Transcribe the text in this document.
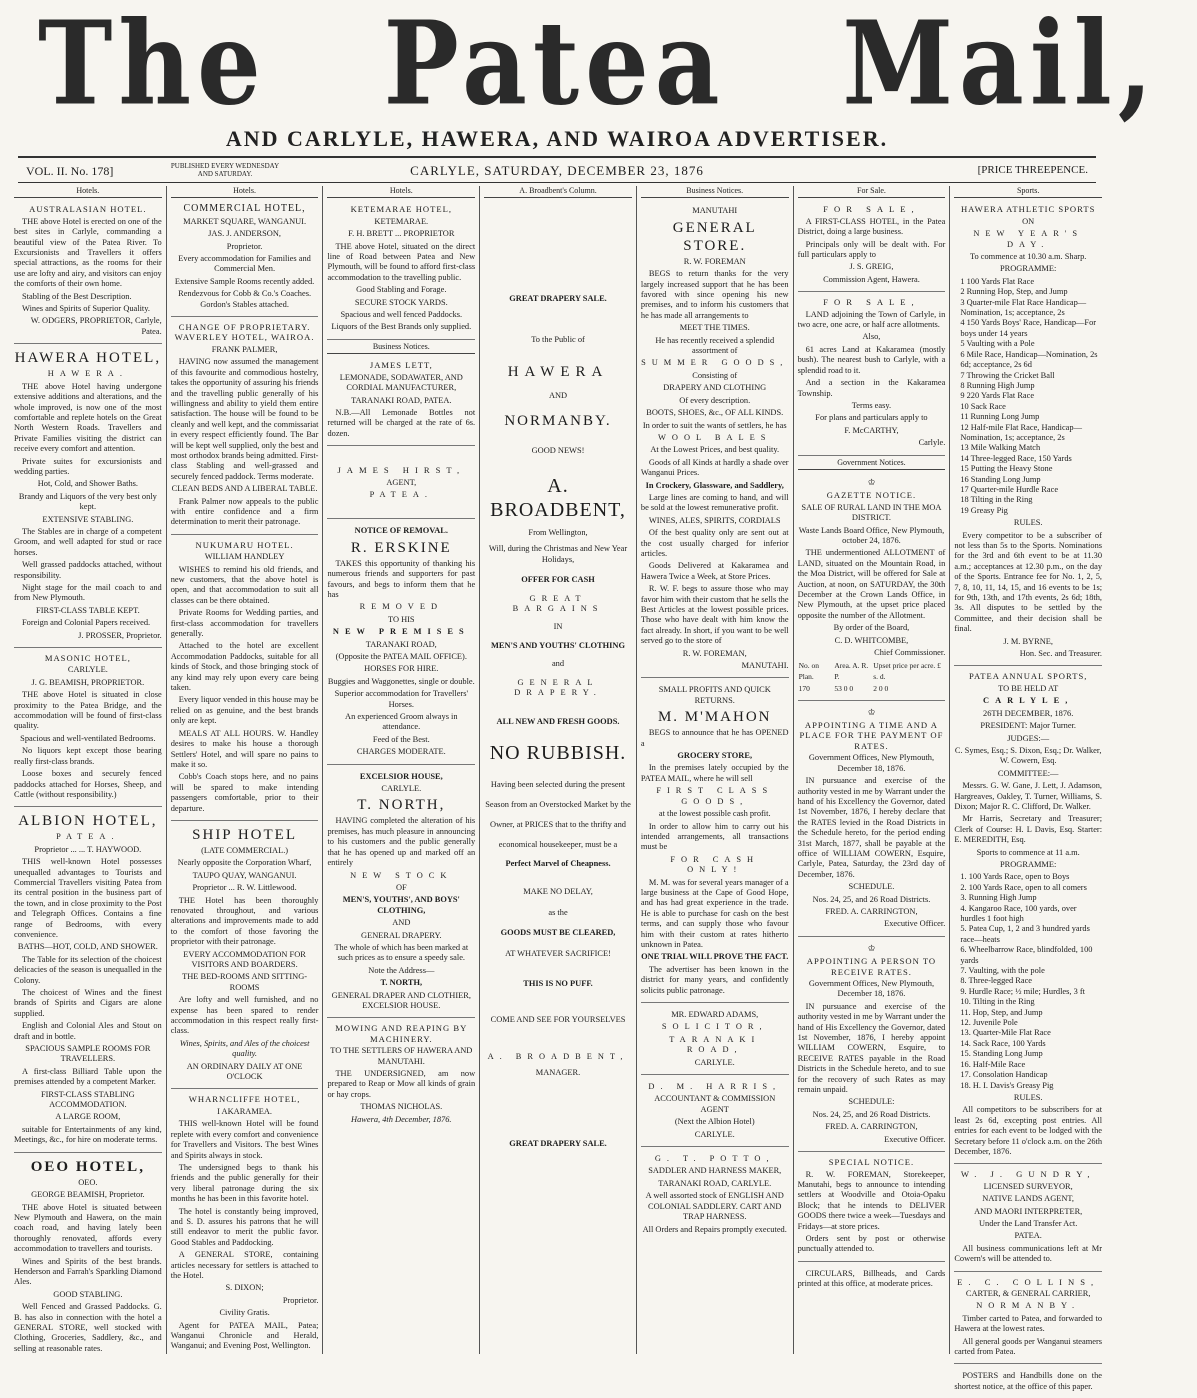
The Patea Mail,
AND CARLYLE, HAWERA, AND WAIROA ADVERTISER.
VOL. II. No. 178]	PUBLISHED EVERY WEDNESDAY AND SATURDAY.	CARLYLE, SATURDAY, DECEMBER 23, 1876	[PRICE THREEPENCE.
Hotels.
AUSTRALASIAN HOTEL.
THE above Hotel is erected on one of the best sites in Carlyle, commanding a beautiful view of the Patea River. To Excursionists and Travellers it offers special attractions, as the rooms for their use are lofty and airy, and visitors can enjoy the comforts of their own home.
Stabling of the Best Description.
Wines and Spirits of Superior Quality.
W. ODGERS, PROPRIETOR, Carlyle, Patea.
HAWERA HOTEL,
HAWERA.
THE above Hotel having undergone extensive additions and alterations, and the whole improved, is now one of the most comfortable and replete hotels on the Great North Western Roads. Travellers and Private Families visiting the district can receive every comfort and attention.
Private suites for excursionists and wedding parties.
Hot, Cold, and Shower Baths.
Brandy and Liquors of the very best only kept.
EXTENSIVE STABLING.
The Stables are in charge of a competent Groom, and well adapted for stud or race horses.
Well grassed paddocks attached, without responsibility.
Night stage for the mail coach to and from New Plymouth.
FIRST-CLASS TABLE KEPT.
Foreign and Colonial Papers received.
J. PROSSER, Proprietor.
MASONIC HOTEL,
CARLYLE.
J. G. BEAMISH, PROPRIETOR.
THE above Hotel is situated in close proximity to the Patea Bridge, and the accommodation will be found of first-class quality.
Spacious and well-ventilated Bedrooms.
No liquors kept except those bearing really first-class brands.
Loose boxes and securely fenced paddocks attached for Horses, Sheep, and Cattle (without responsibility.)
ALBION HOTEL,
PATEA.
Proprietor ... ... T. HAYWOOD.
THIS well-known Hotel possesses unequalled advantages to Tourists and Commercial Travellers visiting Patea from its central position in the business part of the town, and in close proximity to the Post and Telegraph Offices. Contains a fine range of Bedrooms, with every convenience.
BATHS—HOT, COLD, AND SHOWER.
The Table for its selection of the choicest delicacies of the season is unequalled in the Colony.
The choicest of Wines and the finest brands of Spirits and Cigars are alone supplied.
English and Colonial Ales and Stout on draft and in bottle.
SPACIOUS SAMPLE ROOMS FOR TRAVELLERS.
A first-class Billiard Table upon the premises attended by a competent Marker.
FIRST-CLASS STABLING ACCOMMODATION.
A LARGE ROOM,
suitable for Entertainments of any kind, Meetings, &c., for hire on moderate terms.
OEO HOTEL,
OEO.
GEORGE BEAMISH, Proprietor.
THE above Hotel is situated between New Plymouth and Hawera, on the main coach road, and having lately been thoroughly renovated, affords every accommodation to travellers and tourists.
Wines and Spirits of the best brands. Henderson and Farrah's Sparkling Diamond Ales.
GOOD STABLING.
Well Fenced and Grassed Paddocks. G. B. has also in connection with the hotel a GENERAL STORE, well stocked with Clothing, Groceries, Saddlery, &c., and selling at reasonable rates.
Hotels.
COMMERCIAL HOTEL,
MARKET SQUARE, WANGANUI.
JAS. J. ANDERSON,
Proprietor.
Every accommodation for Families and Commercial Men.
Extensive Sample Rooms recently added.
Rendezvous for Cobb & Co.'s Coaches. Gordon's Stables attached.
CHANGE OF PROPRIETARY.
WAVERLEY HOTEL, WAIROA.
FRANK PALMER,
HAVING now assumed the management of this favourite and commodious hostelry, takes the opportunity of assuring his friends and the travelling public generally of his willingness and ability to yield them entire satisfaction. The house will be found to be cleanly and well kept, and the commissariat in every respect efficiently found. The Bar will be kept well supplied, only the best and most orthodox brands being admitted. First-class Stabling and well-grassed and securely fenced paddock. Terms moderate.
CLEAN BEDS AND A LIBERAL TABLE.
Frank Palmer now appeals to the public with entire confidence and a firm determination to merit their patronage.
NUKUMARU HOTEL.
WILLIAM HANDLEY
WISHES to remind his old friends, and new customers, that the above hotel is open, and that accommodation to suit all classes can be there obtained.
Private Rooms for Wedding parties, and first-class accommodation for travellers generally.
Attached to the hotel are excellent Accommodation Paddocks, suitable for all kinds of Stock, and those bringing stock of any kind may rely upon every care being taken.
Every liquor vended in this house may be relied on as genuine, and the best brands only are kept.
MEALS AT ALL HOURS. W. Handley desires to make his house a thorough Settlers' Hotel, and will spare no pains to make it so.
Cobb's Coach stops here, and no pains will be spared to make intending passengers comfortable, prior to their departure.
SHIP HOTEL
(LATE COMMERCIAL.)
Nearly opposite the Corporation Wharf,
TAUPO QUAY, WANGANUI.
Proprietor ... R. W. Littlewood.
THE Hotel has been thoroughly renovated throughout, and various alterations and improvements made to add to the comfort of those favoring the proprietor with their patronage.
EVERY ACCOMMODATION FOR VISITORS AND BOARDERS.
THE BED-ROOMS AND SITTING-ROOMS
Are lofty and well furnished, and no expense has been spared to render accommodation in this respect really first-class.
Wines, Spirits, and Ales of the choicest quality.
AN ORDINARY DAILY AT ONE O'CLOCK
WHARNCLIFFE HOTEL,
I AKARAMEA.
THIS well-known Hotel will be found replete with every comfort and convenience for Travellers and Visitors. The best Wines and Spirits always in stock.
The undersigned begs to thank his friends and the public generally for their very liberal patronage during the six months he has been in this favorite hotel.
The hotel is constantly being improved, and S. D. assures his patrons that he will still endeavor to merit the public favor. Good Stables and Paddocking.
A GENERAL STORE, containing articles necessary for settlers is attached to the Hotel.
S. DIXON;
Proprietor.
Civility Gratis.
Agent for PATEA MAIL, Patea; Wanganui Chronicle and Herald, Wanganui; and Evening Post, Wellington.
Hotels.
KETEMARAE HOTEL,
KETEMARAE.
F. H. BRETT ... PROPRIETOR
THE above Hotel, situated on the direct line of Road between Patea and New Plymouth, will be found to afford first-class accommodation to the travelling public.
Good Stabling and Forage.
SECURE STOCK YARDS.
Spacious and well fenced Paddocks.
Liquors of the Best Brands only supplied.
Business Notices.
JAMES LETT,
LEMONADE, SODAWATER, AND CORDIAL MANUFACTURER,
TARANAKI ROAD, PATEA.
N.B.—All Lemonade Bottles not returned will be charged at the rate of 6s. dozen.
JAMES HIRST,
AGENT,
PATEA.
NOTICE OF REMOVAL.
R. ERSKINE
TAKES this opportunity of thanking his numerous friends and supporters for past favours, and begs to inform them that he has
REMOVED
TO HIS
NEW PREMISES
TARANAKI ROAD,
(Opposite the PATEA MAIL OFFICE).
HORSES FOR HIRE.
Buggies and Waggonettes, single or double.
Superior accommodation for Travellers' Horses.
An experienced Groom always in attendance.
Feed of the Best.
CHARGES MODERATE.
EXCELSIOR HOUSE,
CARLYLE.
T. NORTH,
HAVING completed the alteration of his premises, has much pleasure in announcing to his customers and the public generally that he has opened up and marked off an entirely
NEW STOCK
OF
MEN'S, YOUTHS', AND BOYS' CLOTHING,
AND
GENERAL DRAPERY.
The whole of which has been marked at such prices as to ensure a speedy sale.
Note the Address—
T. NORTH,
GENERAL DRAPER AND CLOTHIER, EXCELSIOR HOUSE.
MOWING AND REAPING BY MACHINERY.
TO THE SETTLERS OF HAWERA AND MANUTAHI.
THE UNDERSIGNED, am now prepared to Reap or Mow all kinds of grain or hay crops.
THOMAS NICHOLAS.
Hawera, 4th December, 1876.
A. Broadbent's Column.
GREAT DRAPERY SALE.
To the Public of
HAWERA
AND
NORMANBY.
GOOD NEWS!
A. BROADBENT,
From Wellington,
Will, during the Christmas and New Year Holidays,
OFFER FOR CASH
GREAT BARGAINS
IN
MEN'S AND YOUTHS' CLOTHING
and
GENERAL DRAPERY.
ALL NEW AND FRESH GOODS.
NO RUBBISH.
Having been selected during the present Season from an Overstocked Market by the Owner, at PRICES that to the thrifty and economical housekeeper, must be a
Perfect Marvel of Cheapness.
MAKE NO DELAY,
as the
GOODS MUST BE CLEARED,
AT WHATEVER SACRIFICE!
THIS IS NO PUFF.
COME AND SEE FOR YOURSELVES
A. BROADBENT,
MANAGER.
GREAT DRAPERY SALE.
Business Notices.
MANUTAHI
GENERAL STORE.
R. W. FOREMAN
BEGS to return thanks for the very largely increased support that he has been favored with since opening his new premises, and to inform his customers that he has made all arrangements to
MEET THE TIMES.
He has recently received a splendid assortment of
SUMMER GOODS,
Consisting of
DRAPERY AND CLOTHING
Of every description.
BOOTS, SHOES, &c., OF ALL KINDS.
In order to suit the wants of settlers, he has
WOOL BALES
At the Lowest Prices, and best quality.
Goods of all Kinds at hardly a shade over Wanganui Prices.
In Crockery, Glassware, and Saddlery,
Large lines are coming to hand, and will be sold at the lowest remunerative profit.
WINES, ALES, SPIRITS, CORDIALS
Of the best quality only are sent out at the cost usually charged for inferior articles.
Goods Delivered at Kakaramea and Hawera Twice a Week, at Store Prices.
R. W. F. begs to assure those who may favor him with their custom that he sells the Best Articles at the lowest possible prices. Those who have dealt with him know the fact already. In short, if you want to be well served go to the store of
R. W. FOREMAN,
MANUTAHI.
SMALL PROFITS AND QUICK RETURNS.
M. M'MAHON
BEGS to announce that he has OPENED a
GROCERY STORE,
In the premises lately occupied by the PATEA MAIL, where he will sell
FIRST CLASS GOODS,
at the lowest possible cash profit.
In order to allow him to carry out his intended arrangements, all transactions must be
FOR CASH ONLY!
M. M. was for several years manager of a large business at the Cape of Good Hope, and has had great experience in the trade. He is able to purchase for cash on the best terms, and can supply those who favour him with their custom at rates hitherto unknown in Patea.
ONE TRIAL WILL PROVE THE FACT.
The advertiser has been known in the district for many years, and confidently solicits public patronage.
MR. EDWARD ADAMS,
SOLICITOR,
TARANAKI ROAD,
CARLYLE.
D. M. HARRIS,
ACCOUNTANT & COMMISSION AGENT
(Next the Albion Hotel)
CARLYLE.
G. T. POTTO,
SADDLER AND HARNESS MAKER,
TARANAKI ROAD, CARLYLE.
A well assorted stock of ENGLISH AND COLONIAL SADDLERY. CART AND TRAP HARNESS.
All Orders and Repairs promptly executed.
For Sale.
FOR SALE,
A FIRST-CLASS HOTEL, in the Patea District, doing a large business.
Principals only will be dealt with. For full particulars apply to
J. S. GREIG,
Commission Agent, Hawera.
FOR SALE,
LAND adjoining the Town of Carlyle, in two acre, one acre, or half acre allotments.
Also,
61 acres Land at Kakaramea (mostly bush). The nearest bush to Carlyle, with a splendid road to it.
And a section in the Kakaramea Township.
Terms easy.
For plans and particulars apply to
F. McCARTHY,
Carlyle.
Government Notices.
♔
GAZETTE NOTICE.
SALE OF RURAL LAND IN THE MOA DISTRICT.
Waste Lands Board Office, New Plymouth, october 24, 1876.
THE undermentioned ALLOTMENT of LAND, situated on the Mountain Road, in the Moa District, will be offered for Sale at Auction, at noon, on SATURDAY, the 30th December at the Crown Lands Office, in New Plymouth, at the upset price placed opposite the number of the Allotment.
By order of the Board,
C. D. WHITCOMBE,
Chief Commissioner.
No. on Plan.	Area. A. R. P.	Upset price per acre. £ s. d.
170	53 0 0	2 0 0
♔
APPOINTING A TIME AND A PLACE FOR THE PAYMENT OF RATES.
Government Offices, New Plymouth, December 18, 1876.
IN pursuance and exercise of the authority vested in me by Warrant under the hand of his Excellency the Governor, dated 1st November, 1876, I hereby declare that the RATES levied in the Road Districts in the Schedule hereto, for the period ending 31st March, 1877, shall be payable at the office of WILLIAM COWERN, Esquire, Carlyle, Patea, Saturday, the 23rd day of December, 1876.
SCHEDULE.
Nos. 24, 25, and 26 Road Districts.
FRED. A. CARRINGTON,
Executive Officer.
♔
APPOINTING A PERSON TO RECEIVE RATES.
Government Offices, New Plymouth, December 18, 1876.
IN pursuance and exercise of the authority vested in me by Warrant under the hand of His Excellency the Governor, dated 1st November, 1876, I hereby appoint WILLIAM COWERN, Esquire, to RECEIVE RATES payable in the Road Districts in the Schedule hereto, and to sue for the recovery of such Rates as may remain unpaid.
SCHEDULE:
Nos. 24, 25, and 26 Road Districts.
FRED. A. CARRINGTON,
Executive Officer.
SPECIAL NOTICE.
R. W. FOREMAN, Storekeeper, Manutahi, begs to announce to intending settlers at Woodville and Otoia-Opaku Block; that he intends to DELIVER GOODS there twice a week—Tuesdays and Fridays—at store prices.
Orders sent by post or otherwise punctually attended to.
CIRCULARS, Billheads, and Cards printed at this office, at moderate prices.
Sports.
HAWERA ATHLETIC SPORTS
ON
NEW YEAR'S DAY.
To commence at 10.30 a.m. Sharp.
PROGRAMME:
1 100 Yards Flat Race
2 Running Hop, Step, and Jump
3 Quarter-mile Flat Race Handicap—Nomination, 1s; acceptance, 2s
4 150 Yards Boys' Race, Handicap—For boys under 14 years
5 Vaulting with a Pole
6 Mile Race, Handicap—Nomination, 2s 6d; acceptance, 2s 6d
7 Throwing the Cricket Ball
8 Running High Jump
9 220 Yards Flat Race
10 Sack Race
11 Running Long Jump
12 Half-mile Flat Race, Handicap—Nomination, 1s; acceptance, 2s
13 Mile Walking Match
14 Three-legged Race, 150 Yards
15 Putting the Heavy Stone
16 Standing Long Jump
17 Quarter-mile Hurdle Race
18 Tilting in the Ring
19 Greasy Pig
RULES.
Every competitor to be a subscriber of not less than 5s to the Sports. Nominations for the 3rd and 6th event to be at 11.30 a.m.; acceptances at 12.30 p.m., on the day of the Sports. Entrance fee for No. 1, 2, 5, 7, 8, 10, 11, 14, 15, and 16 events to be 1s; for 9th, 13th, and 17th events, 2s 6d; 18th, 3s. All disputes to be settled by the Committee, and their decision shall be final.
J. M. BYRNE,
Hon. Sec. and Treasurer.
PATEA ANNUAL SPORTS,
TO BE HELD AT
CARLYLE,
26TH DECEMBER, 1876.
PRESIDENT: Major Turner.
JUDGES:—
C. Symes, Esq.; S. Dixon, Esq.; Dr. Walker, W. Cowern, Esq.
COMMITTEE:—
Messrs. G. W. Gane, J. Lett, J. Adamson, Hargreaves, Oakley, T. Turner, Williams, S. Dixon; Major R. C. Clifford, Dr. Walker.
Mr Harris, Secretary and Treasurer; Clerk of Course: H. L Davis, Esq. Starter: E. MEREDITH, Esq.
Sports to commence at 11 a.m.
PROGRAMME:
1. 100 Yards Race, open to Boys
2. 100 Yards Race, open to all comers
3. Running High Jump
4. Kangaroo Race, 100 yards, over hurdles 1 foot high
5. Patea Cup, 1, 2 and 3 hundred yards race—heats
6. Wheelbarrow Race, blindfolded, 100 yards
7. Vaulting, with the pole
8. Three-legged Race
9. Hurdle Race; ½ mile; Hurdles, 3 ft
10. Tilting in the Ring
11. Hop, Step, and Jump
12. Juvenile Pole
13. Quarter-Mile Flat Race
14. Sack Race, 100 Yards
15. Standing Long Jump
16. Half-Mile Race
17. Consolation Handicap
18. H. I. Davis's Greasy Pig
RULES.
All competitors to be subscribers for at least 2s 6d, excepting post entries. All entries for each event to be lodged with the Secretary before 11 o'clock a.m. on the 26th December, 1876.
W. J. GUNDRY,
LICENSED SURVEYOR,
NATIVE LANDS AGENT,
AND MAORI INTERPRETER,
Under the Land Transfer Act.
PATEA.
All business communications left at Mr Cowern's will be attended to.
E. C. COLLINS,
CARTER, & GENERAL CARRIER,
NORMANBY.
Timber carted to Patea, and forwarded to Hawera at the lowest rates.
All general goods per Wanganui steamers carted from Patea.
POSTERS and Handbills done on the shortest notice, at the office of this paper.
